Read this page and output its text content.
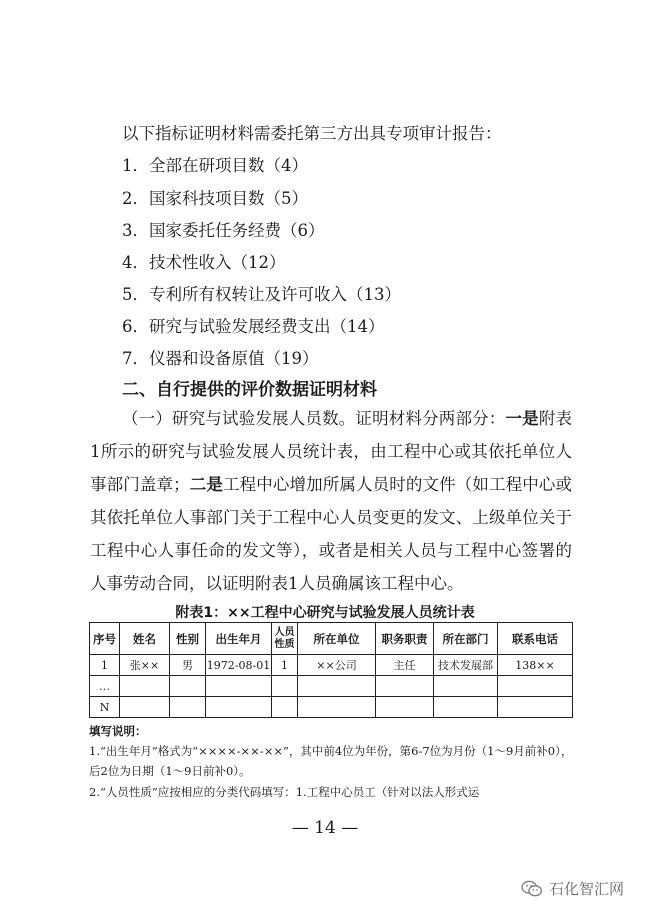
以下指标证明材料需委托第三方出具专项审计报告：
1．全部在研项目数（4）
2．国家科技项目数（5）
3．国家委托任务经费（6）
4．技术性收入（12）
5．专利所有权转让及许可收入（13）
6．研究与试验发展经费支出（14）
7．仪器和设备原值（19）
二、自行提供的评价数据证明材料
（一）研究与试验发展人员数。证明材料分两部分：一是附表1所示的研究与试验发展人员统计表，由工程中心或其依托单位人事部门盖章；二是工程中心增加所属人员时的文件（如工程中心或其依托单位人事部门关于工程中心人员变更的发文、上级单位关于工程中心人事任命的发文等），或者是相关人员与工程中心签署的人事劳动合同，以证明附表1人员确属该工程中心。
附表1：××工程中心研究与试验发展人员统计表
序号	姓名	性别	出生年月	人员性质	所在单位	职务职责	所在部门	联系电话
1	张××	男	1972-08-01	1	××公司	主任	技术发展部	138××
…								
N								
填写说明：
1.“出生年月”格式为“××××-××-××”，其中前4位为年份，第6-7位为月份（1～9月前补0），后2位为日期（1～9日前补0）。
2.“人员性质”应按相应的分类代码填写：1.工程中心员工（针对以法人形式运
— 14 —
石化智汇网
